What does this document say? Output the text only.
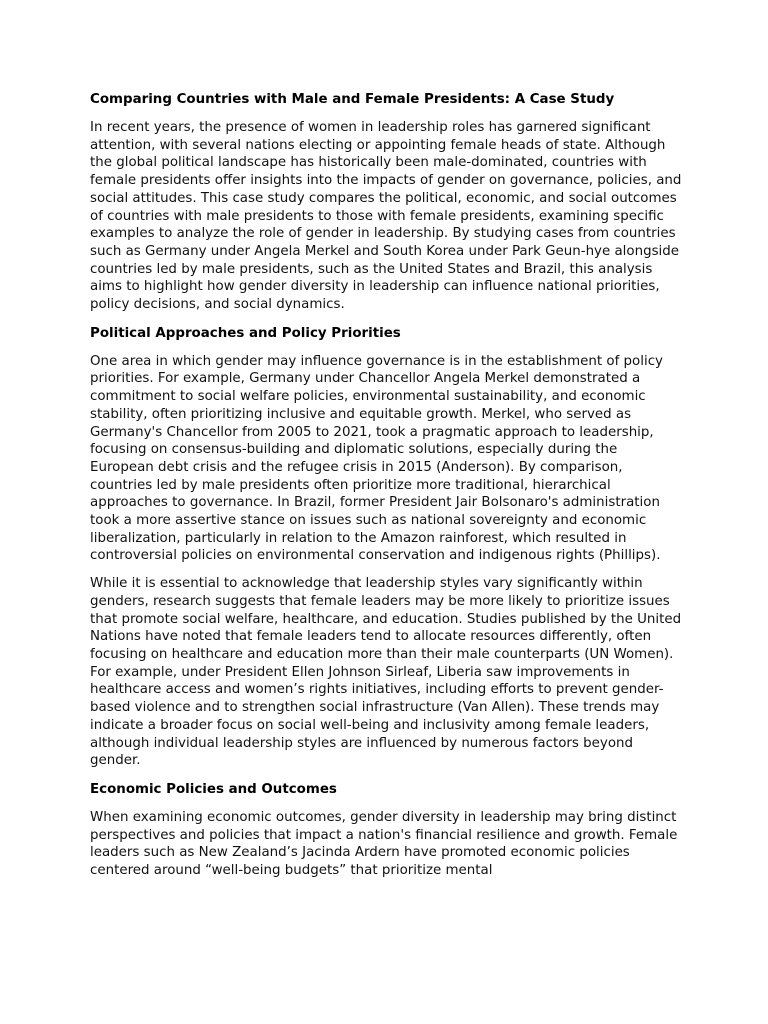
Comparing Countries with Male and Female Presidents: A Case Study

In recent years, the presence of women in leadership roles has garnered significant attention, with several nations electing or appointing female heads of state. Although the global political landscape has historically been male-dominated, countries with female presidents offer insights into the impacts of gender on governance, policies, and social attitudes. This case study compares the political, economic, and social outcomes of countries with male presidents to those with female presidents, examining specific examples to analyze the role of gender in leadership. By studying cases from countries such as Germany under Angela Merkel and South Korea under Park Geun-hye alongside countries led by male presidents, such as the United States and Brazil, this analysis aims to highlight how gender diversity in leadership can influence national priorities, policy decisions, and social dynamics.

Political Approaches and Policy Priorities

One area in which gender may influence governance is in the establishment of policy priorities. For example, Germany under Chancellor Angela Merkel demonstrated a commitment to social welfare policies, environmental sustainability, and economic stability, often prioritizing inclusive and equitable growth. Merkel, who served as Germany's Chancellor from 2005 to 2021, took a pragmatic approach to leadership, focusing on consensus-building and diplomatic solutions, especially during the European debt crisis and the refugee crisis in 2015 (Anderson). By comparison, countries led by male presidents often prioritize more traditional, hierarchical approaches to governance. In Brazil, former President Jair Bolsonaro's administration took a more assertive stance on issues such as national sovereignty and economic liberalization, particularly in relation to the Amazon rainforest, which resulted in controversial policies on environmental conservation and indigenous rights (Phillips).

While it is essential to acknowledge that leadership styles vary significantly within genders, research suggests that female leaders may be more likely to prioritize issues that promote social welfare, healthcare, and education. Studies published by the United Nations have noted that female leaders tend to allocate resources differently, often focusing on healthcare and education more than their male counterparts (UN Women). For example, under President Ellen Johnson Sirleaf, Liberia saw improvements in healthcare access and women’s rights initiatives, including efforts to prevent gender-based violence and to strengthen social infrastructure (Van Allen). These trends may indicate a broader focus on social well-being and inclusivity among female leaders, although individual leadership styles are influenced by numerous factors beyond gender.

Economic Policies and Outcomes

When examining economic outcomes, gender diversity in leadership may bring distinct perspectives and policies that impact a nation's financial resilience and growth. Female leaders such as New Zealand’s Jacinda Ardern have promoted economic policies centered around “well-being budgets” that prioritize mental
